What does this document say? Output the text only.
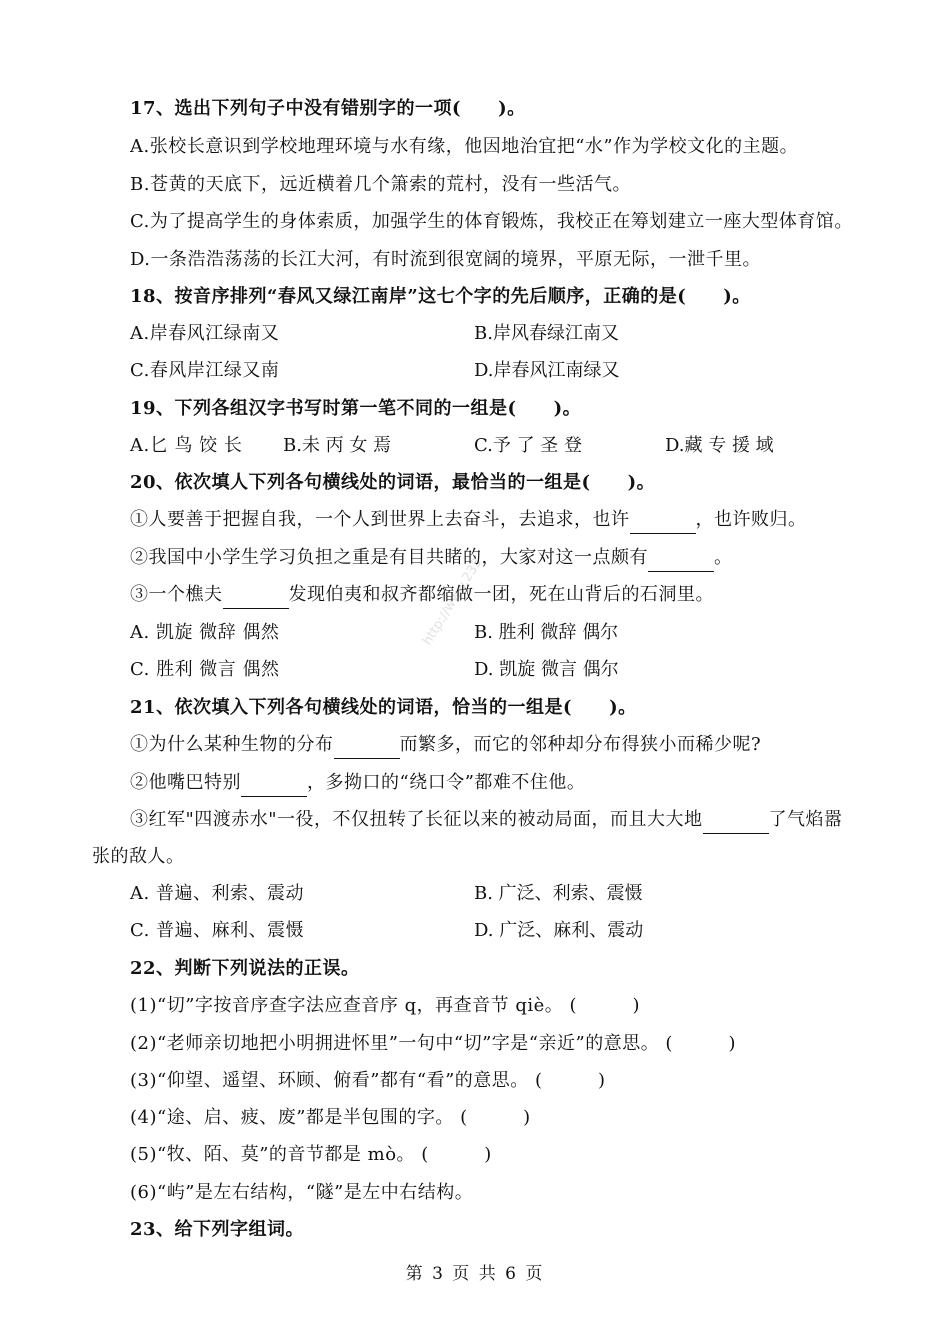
http://www.233
17、选出下列句子中没有错别字的一项(　　)。
A.张校长意识到学校地理环境与水有缘，他因地治宜把“水”作为学校文化的主题。
B.苍黄的天底下，远近横着几个箫索的荒村，没有一些活气。
C.为了提高学生的身体索质，加强学生的体育锻炼，我校正在筹划建立一座大型体育馆。
D.一条浩浩荡荡的长江大河，有时流到很宽阔的境界，平原无际，一泄千里。
18、按音序排列“春风又绿江南岸”这七个字的先后顺序，正确的是(　　)。
A.岸春风江绿南又	B.岸风春绿江南又
C.春风岸江绿又南	D.岸春风江南绿又
19、下列各组汉字书写时第一笔不同的一组是(　　)。
A.匕 鸟 饺 长 B.未 丙 女 焉	C.予 了 圣 登	D.藏 专 援 域
20、依次填人下列各句横线处的词语，最恰当的一组是(　　)。
①人要善于把握自我，一个人到世界上去奋斗，去追求，也许	，也许败归。
②我国中小学生学习负担之重是有目共睹的，大家对这一点颇有	。
③一个樵夫	发现伯夷和叔齐都缩做一团，死在山背后的石洞里。
A. 凯旋 微辞 偶然	B. 胜利 微辞 偶尔
C. 胜利 微言 偶然	D. 凯旋 微言 偶尔
21、依次填入下列各句横线处的词语，恰当的一组是(　　)。
①为什么某种生物的分布	而繁多，而它的邻种却分布得狭小而稀少呢?
②他嘴巴特别	，多拗口的“绕口令”都难不住他。
③红军"四渡赤水"一役，不仅扭转了长征以来的被动局面，而且大大地	了气焰嚣
张的敌人。
A. 普遍、利索、震动	B. 广泛、利索、震慑
C. 普遍、麻利、震慑	D. 广泛、麻利、震动
22、判断下列说法的正误。
(1)“切”字按音序查字法应查音序 q，再查音节 qiè。 (　　　)
(2)“老师亲切地把小明拥进怀里”一句中“切”字是“亲近”的意思。 (　　　)
(3)“仰望、遥望、环顾、俯看”都有“看”的意思。 (　　　)
(4)“途、启、疲、废”都是半包围的字。 (　　　)
(5)“牧、陌、莫”的音节都是 mò。 (　　　)
(6)“屿”是左右结构，“隧”是左中右结构。
23、给下列字组词。
第 3 页 共 6 页
